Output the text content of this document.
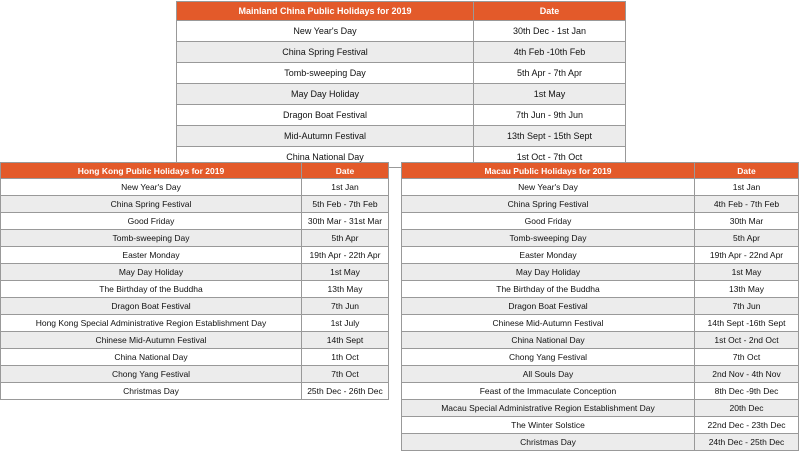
Mainland China Public Holidays for 2019	Date
New Year's Day	30th Dec - 1st Jan
China Spring Festival	4th Feb -10th Feb
Tomb-sweeping Day	5th Apr - 7th Apr
May Day Holiday	1st May
Dragon Boat Festival	7th Jun - 9th Jun
Mid-Autumn Festival	13th Sept - 15th Sept
China National Day	1st Oct - 7th Oct
Hong Kong Public Holidays for 2019	Date
New Year's Day	1st Jan
China Spring Festival	5th Feb - 7th Feb
Good Friday	30th Mar - 31st Mar
Tomb-sweeping Day	5th Apr
Easter Monday	19th Apr - 22th Apr
May Day Holiday	1st May
The Birthday of the Buddha	13th May
Dragon Boat Festival	7th Jun
Hong Kong Special Administrative Region Establishment Day	1st July
Chinese Mid-Autumn Festival	14th Sept
China National Day	1th Oct
Chong Yang Festival	7th Oct
Christmas Day	25th Dec - 26th Dec
Macau Public Holidays for 2019	Date
New Year's Day	1st Jan
China Spring Festival	4th Feb - 7th Feb
Good Friday	30th Mar
Tomb-sweeping Day	5th Apr
Easter Monday	19th Apr - 22nd Apr
May Day Holiday	1st May
The Birthday of the Buddha	13th May
Dragon Boat Festival	7th Jun
Chinese Mid-Autumn Festival	14th Sept -16th Sept
China National Day	1st Oct - 2nd Oct
Chong Yang Festival	7th Oct
All Souls Day	2nd Nov - 4th Nov
Feast of the Immaculate Conception	8th Dec -9th Dec
Macau Special Administrative Region Establishment Day	20th Dec
The Winter Solstice	22nd Dec - 23th Dec
Christmas Day	24th Dec - 25th Dec
